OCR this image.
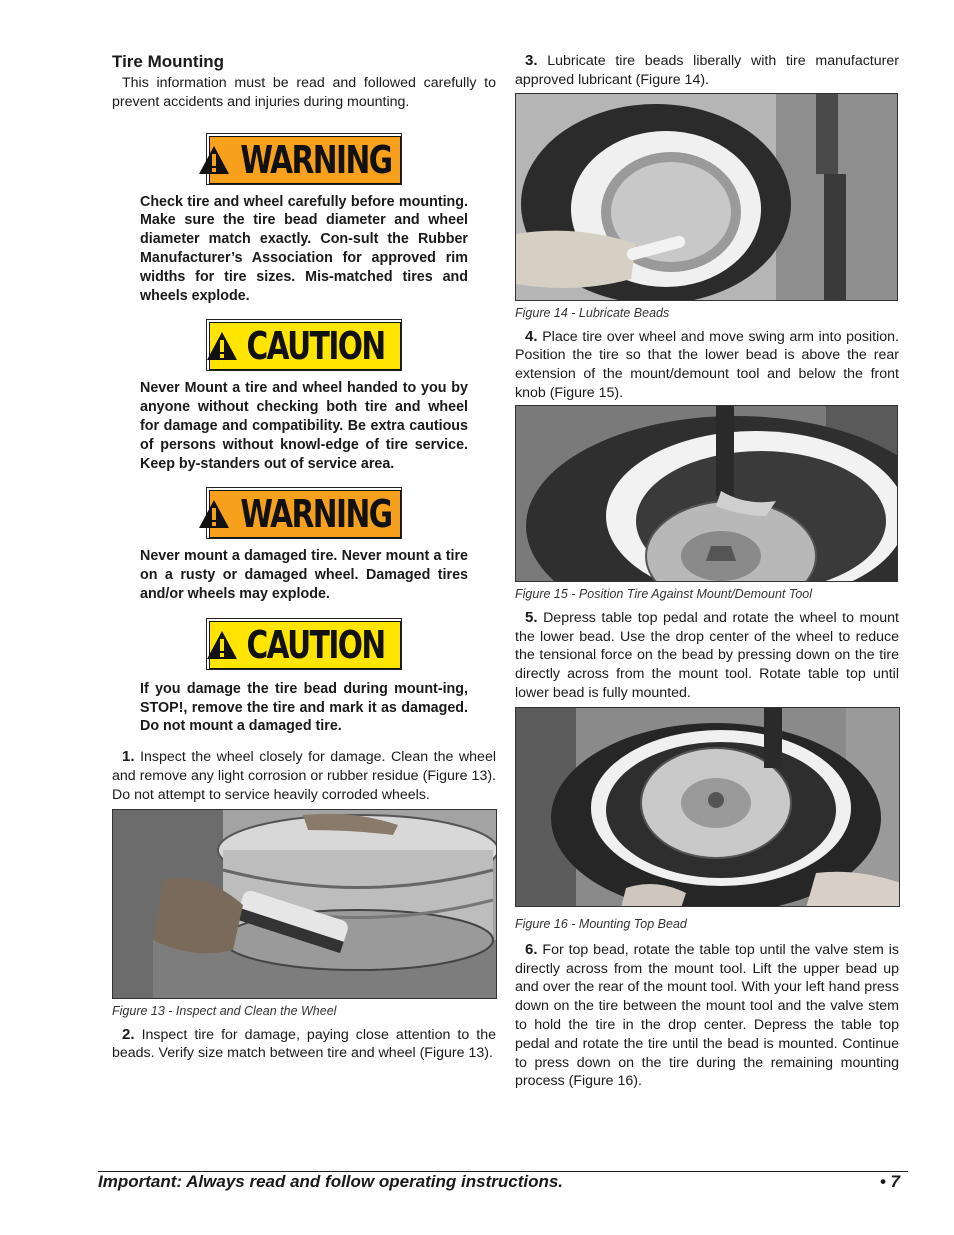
Tire Mounting

This information must be read and followed carefully to prevent accidents and injuries during mounting.

WARNING
Check tire and wheel carefully before mounting. Make sure the tire bead diameter and wheel diameter match exactly. Con-sult the Rubber Manufacturer’s Association for approved rim widths for tire sizes. Mis-matched tires and wheels explode.
CAUTION
Never Mount a tire and wheel handed to you by anyone without checking both tire and wheel for damage and compatibility. Be extra cautious of persons without knowl-edge of tire service. Keep by-standers out of service area.
WARNING
Never mount a damaged tire. Never mount a tire on a rusty or damaged wheel. Damaged tires and/or wheels may explode.
CAUTION
If you damage the tire bead during mount-ing, STOP!, remove the tire and mark it as damaged. Do not mount a damaged tire.

1. Inspect the wheel closely for damage. Clean the wheel and remove any light corrosion or rubber residue (Figure 13). Do not attempt to service heavily corroded wheels.

Figure 13 - Inspect and Clean the Wheel

2. Inspect tire for damage, paying close attention to the beads. Verify size match between tire and wheel (Figure 13).

3. Lubricate tire beads liberally with tire manufacturer approved lubricant (Figure 14).

Figure 14 - Lubricate Beads

4. Place tire over wheel and move swing arm into position. Position the tire so that the lower bead is above the rear extension of the mount/demount tool and below the front knob (Figure 15).

Figure 15 - Position Tire Against Mount/Demount Tool

5. Depress table top pedal and rotate the wheel to mount the lower bead. Use the drop center of the wheel to reduce the tensional force on the bead by pressing down on the tire directly across from the mount tool. Rotate table top until lower bead is fully mounted.

Figure 16 - Mounting Top Bead

6. For top bead, rotate the table top until the valve stem is directly across from the mount tool. Lift the upper bead up and over the rear of the mount tool. With your left hand press down on the tire between the mount tool and the valve stem to hold the tire in the drop center. Depress the table top pedal and rotate the tire until the bead is mounted. Continue to press down on the tire during the remaining mounting process (Figure 16).

Important: Always read and follow operating instructions.	• 7
